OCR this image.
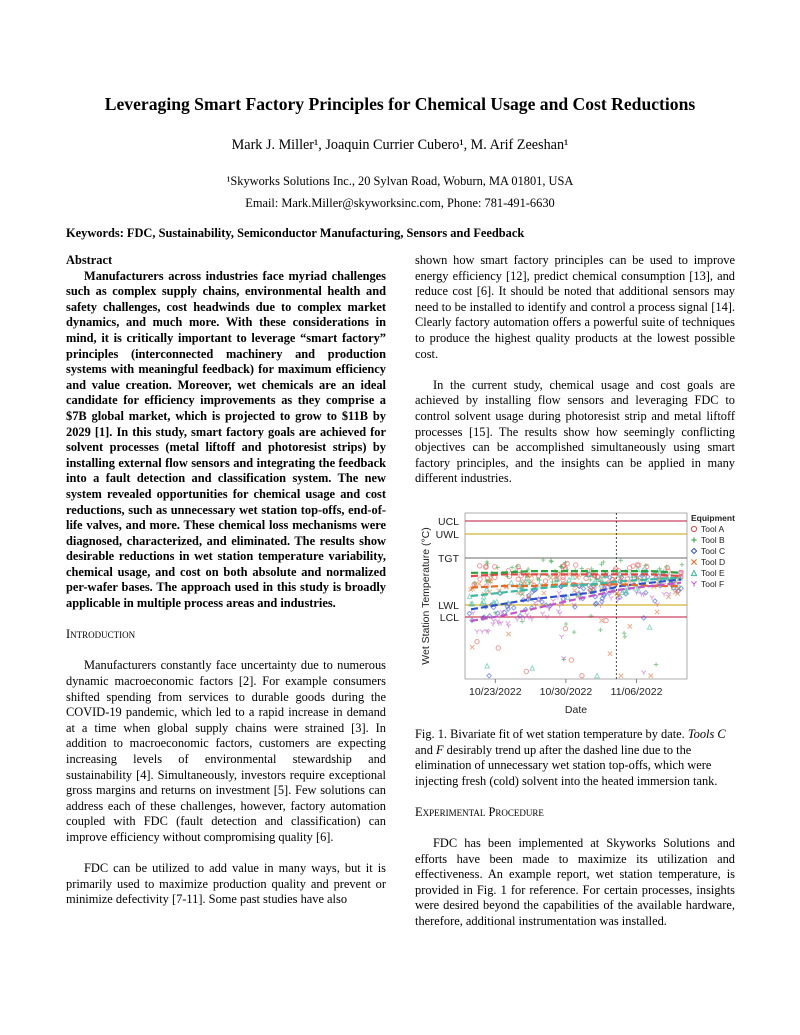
Leveraging Smart Factory Principles for Chemical Usage and Cost Reductions
Mark J. Miller¹, Joaquin Currier Cubero¹, M. Arif Zeeshan¹
¹Skyworks Solutions Inc., 20 Sylvan Road, Woburn, MA 01801, USA
Email: Mark.Miller@skyworksinc.com, Phone: 781-491-6630
Keywords: FDC, Sustainability, Semiconductor Manufacturing, Sensors and Feedback
Abstract

Manufacturers across industries face myriad challenges such as complex supply chains, environmental health and safety challenges, cost headwinds due to complex market dynamics, and much more. With these considerations in mind, it is critically important to leverage “smart factory” principles (interconnected machinery and production systems with meaningful feedback) for maximum efficiency and value creation. Moreover, wet chemicals are an ideal candidate for efficiency improvements as they comprise a $7B global market, which is projected to grow to $11B by 2029 [1]. In this study, smart factory goals are achieved for solvent processes (metal liftoff and photoresist strips) by installing external flow sensors and integrating the feedback into a fault detection and classification system. The new system revealed opportunities for chemical usage and cost reductions, such as unnecessary wet station top-offs, end-of-life valves, and more. These chemical loss mechanisms were diagnosed, characterized, and eliminated. The results show desirable reductions in wet station temperature variability, chemical usage, and cost on both absolute and normalized per-wafer bases. The approach used in this study is broadly applicable in multiple process areas and industries.

Introduction

Manufacturers constantly face uncertainty due to numerous dynamic macroeconomic factors [2]. For example consumers shifted spending from services to durable goods during the COVID-19 pandemic, which led to a rapid increase in demand at a time when global supply chains were strained [3]. In addition to macroeconomic factors, customers are expecting increasing levels of environmental stewardship and sustainability [4]. Simultaneously, investors require exceptional gross margins and returns on investment [5]. Few solutions can address each of these challenges, however, factory automation coupled with FDC (fault detection and classification) can improve efficiency without compromising quality [6].

FDC can be utilized to add value in many ways, but it is primarily used to maximize production quality and prevent or minimize defectivity [7-11]. Some past studies have also

shown how smart factory principles can be used to improve energy efficiency [12], predict chemical consumption [13], and reduce cost [6]. It should be noted that additional sensors may need to be installed to identify and control a process signal [14]. Clearly factory automation offers a powerful suite of techniques to produce the highest quality products at the lowest possible cost.

In the current study, chemical usage and cost goals are achieved by installing flow sensors and leveraging FDC to control solvent usage during photoresist strip and metal liftoff processes [15]. The results show how seemingly conflicting objectives can be accomplished simultaneously using smart factory principles, and the insights can be applied in many different industries.

UCL
UWL
TGT
LWL
LCL
Wet Station Temperature (°C)
10/23/2022 10/30/2022 11/06/2022
Date
Equipment
Tool A
Tool B
Tool C
Tool D
Tool E
Tool F

Fig. 1. Bivariate fit of wet station temperature by date. Tools C and F desirably trend up after the dashed line due to the elimination of unnecessary wet station top-offs, which were injecting fresh (cold) solvent into the heated immersion tank.

Experimental Procedure

FDC has been implemented at Skyworks Solutions and efforts have been made to maximize its utilization and effectiveness. An example report, wet station temperature, is provided in Fig. 1 for reference. For certain processes, insights were desired beyond the capabilities of the available hardware, therefore, additional instrumentation was installed.
